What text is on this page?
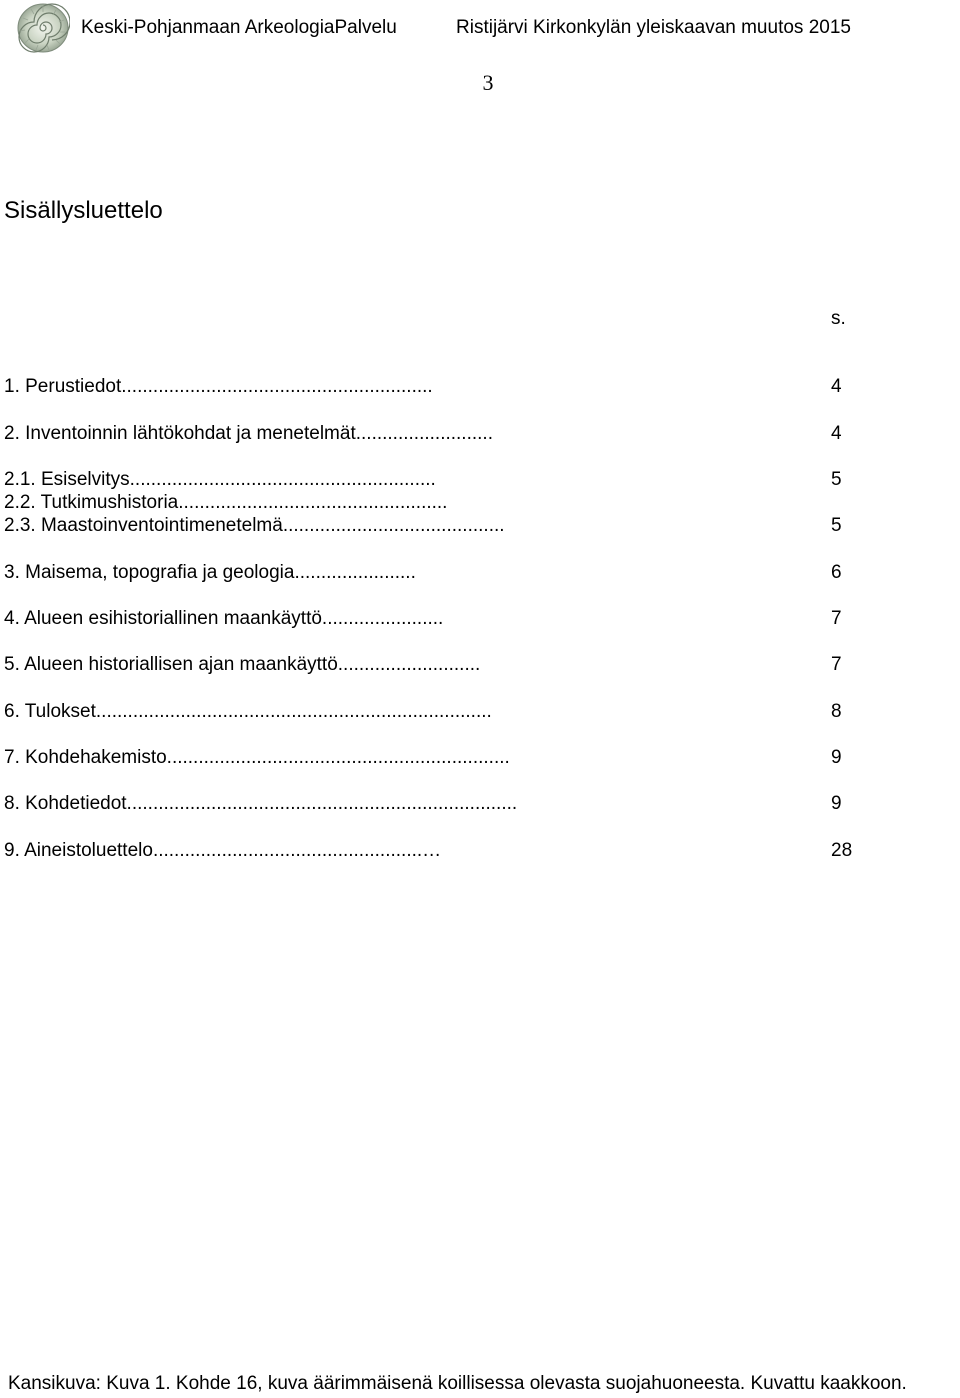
Keski-Pohjanmaan ArkeologiaPalvelu	Ristijärvi Kirkonkylän yleiskaavan muutos 2015
3
Sisällysluettelo
s.
1. Perustiedot...........................................................	4
2. Inventoinnin lähtökohdat ja menetelmät..........................	4
2.1. Esiselvitys..........................................................	5
2.2. Tutkimushistoria...................................................
2.3. Maastoinventointimenetelmä..........................................	5
3. Maisema, topografia ja geologia.......................	6
4. Alueen esihistoriallinen maankäyttö.......................	7
5. Alueen historiallisen ajan maankäyttö...........................	7
6. Tulokset...........................................................................	8
7. Kohdehakemisto.................................................................	9
8. Kohdetiedot..........................................................................	9
9. Aineistoluettelo...................................................…	28
Kansikuva: Kuva 1. Kohde 16, kuva äärimmäisenä koillisessa olevasta suojahuoneesta. Kuvattu kaakkoon.
